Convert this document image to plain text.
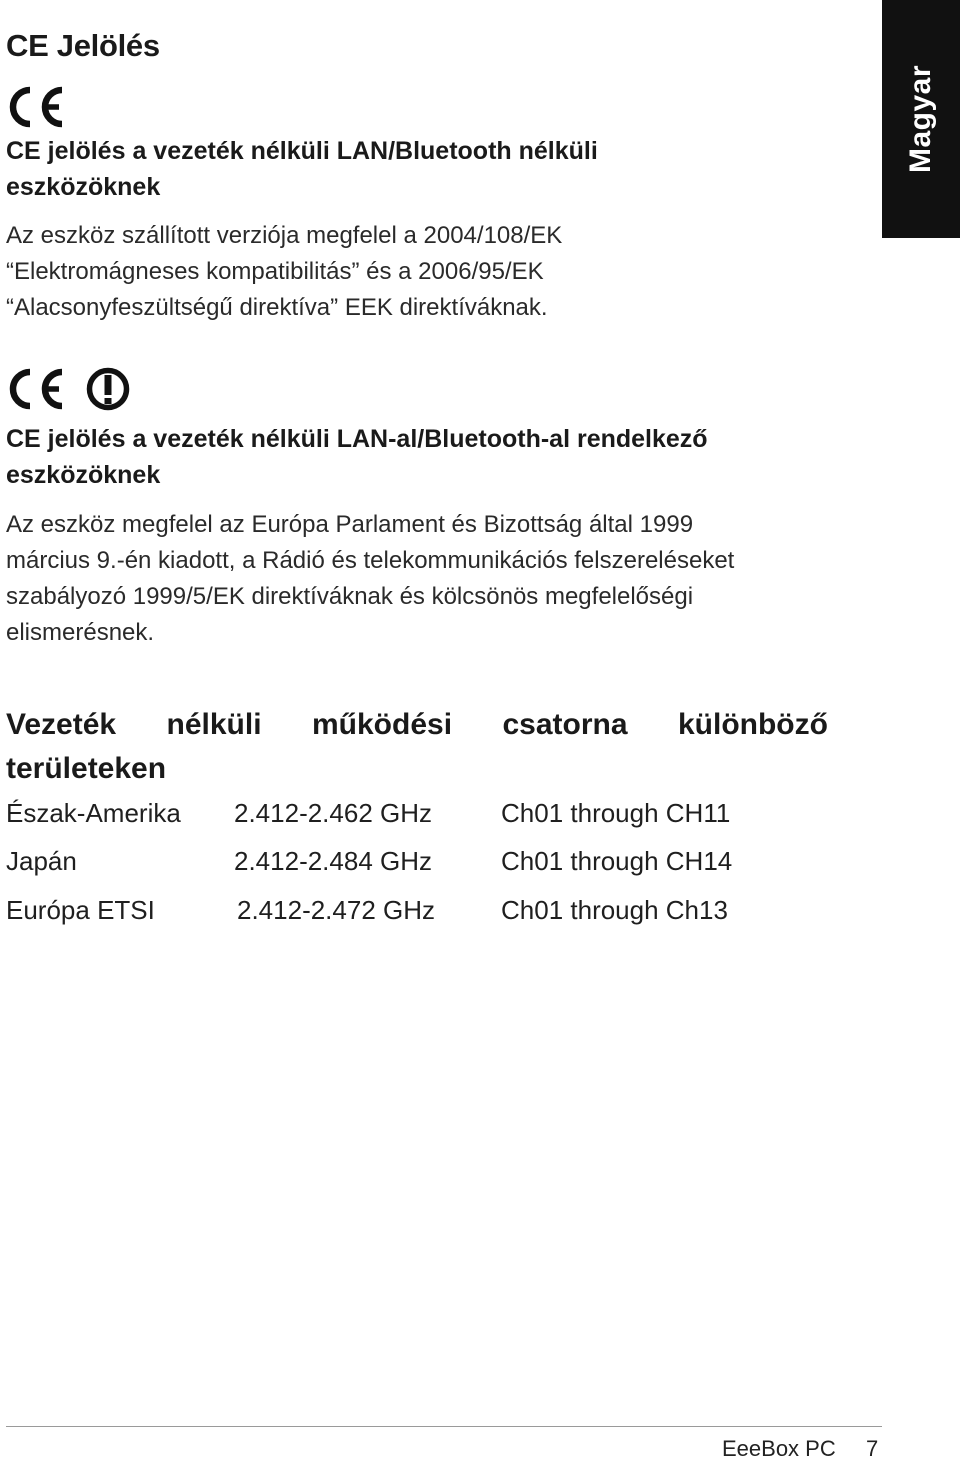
CE Jelölés
Magyar
CE jelölés a vezeték nélküli LAN/Bluetooth nélküli
eszközöknek

Az eszköz szállított verziója megfelel a 2004/108/EK
“Elektromágneses kompatibilitás” és a 2006/95/EK
“Alacsonyfeszültségű direktíva” EEK direktíváknak.

CE jelölés a vezeték nélküli LAN-al/Bluetooth-al rendelkező
eszközöknek

Az eszköz megfelel az Európa Parlament és Bizottság által 1999
március 9.-én kiadott, a Rádió és telekommunikációs felszereléseket
szabályozó 1999/5/EK direktíváknak és kölcsönös megfelelőségi
elismerésnek.

Vezeték nélküli működési csatorna különböző
területeken
Észak-Amerika 2.412-2.462 GHz	Ch01 through CH11
Japán	2.412-2.484 GHz	Ch01 through CH14
Európa ETSI	2.412-2.472 GHz	Ch01 through Ch13
EeeBox PC 7
